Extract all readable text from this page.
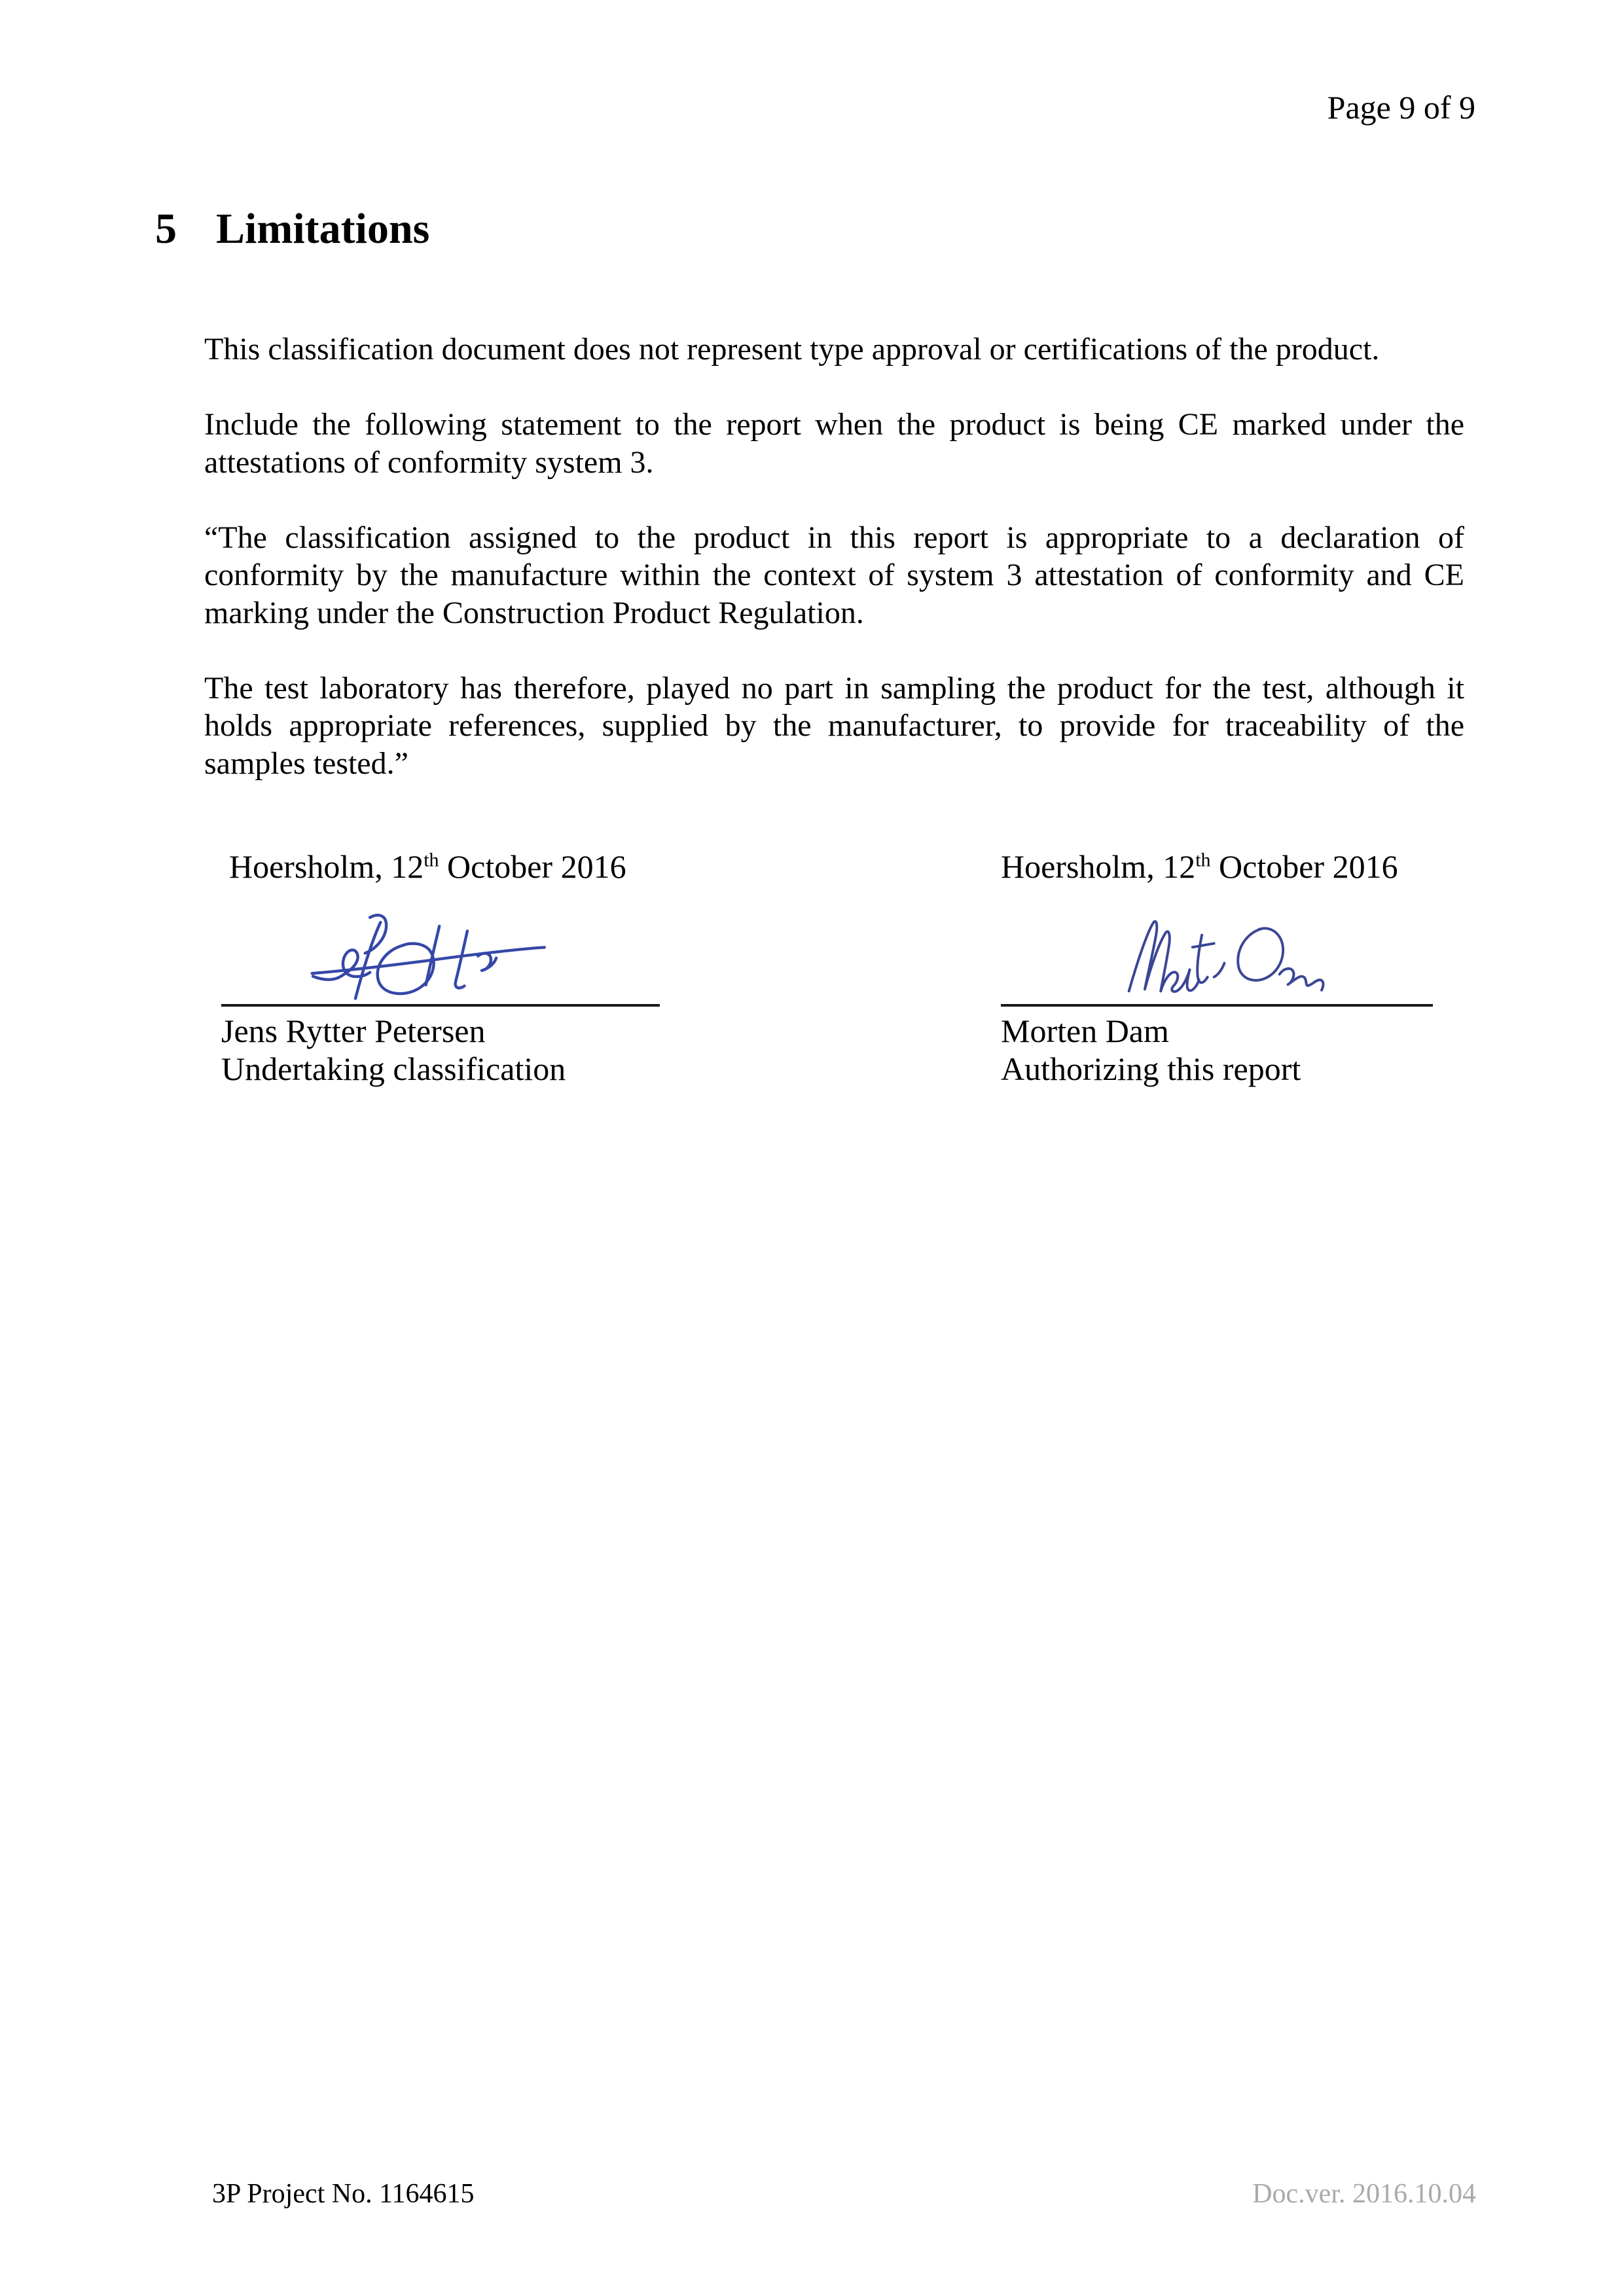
Page 9 of 9
5 Limitations
This classification document does not represent type approval or certifications of the product.
Include the following statement to the report when the product is being CE marked under the
attestations of conformity system 3.
“The classification assigned to the product in this report is appropriate to a declaration of
conformity by the manufacture within the context of system 3 attestation of conformity and CE
marking under the Construction Product Regulation.
The test laboratory has therefore, played no part in sampling the product for the test, although it
holds appropriate references, supplied by the manufacturer, to provide for traceability of the
samples tested.”
Hoersholm, 12th October 2016
Jens Rytter Petersen
Undertaking classification
Hoersholm, 12th October 2016
Morten Dam
Authorizing this report
3P Project No. 1164615	Doc.ver. 2016.10.04
